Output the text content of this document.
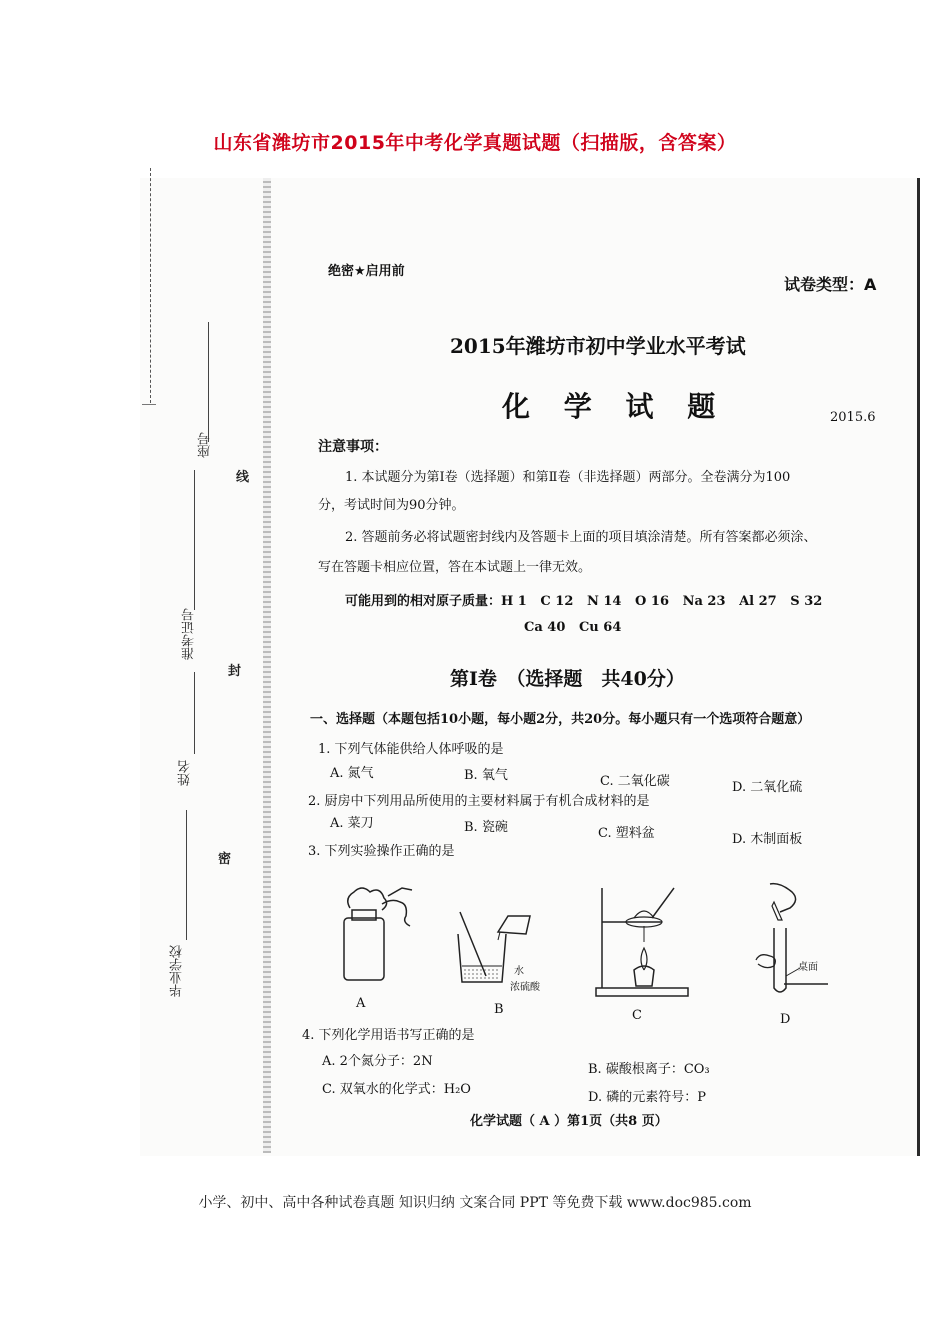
山东省潍坊市2015年中考化学真题试题（扫描版，含答案）
座号
准考证号
姓名
毕业学校
线
封
密
绝密★启用前
试卷类型：A
2015年潍坊市初中学业水平考试
化 学 试 题	2015.6
注意事项：
1. 本试题分为第Ⅰ卷（选择题）和第Ⅱ卷（非选择题）两部分。全卷满分为100
分，考试时间为90分钟。
2. 答题前务必将试题密封线内及答题卡上面的项目填涂清楚。所有答案都必须涂、
写在答题卡相应位置，答在本试题上一律无效。
可能用到的相对原子质量：H 1   C 12   N 14   O 16   Na 23   Al 27   S 32
Ca 40   Cu 64
第Ⅰ卷　（选择题　共40分）
一、选择题（本题包括10小题，每小题2分，共20分。每小题只有一个选项符合题意）
1. 下列气体能供给人体呼吸的是
A. 氮气	B. 氧气	C. 二氧化碳	D. 二氧化硫
2. 厨房中下列用品所使用的主要材料属于有机合成材料的是
A. 菜刀	B. 瓷碗	C. 塑料盆	D. 木制面板
3. 下列实验操作正确的是
A
水
浓硫酸
B	C
桌面
D
4. 下列化学用语书写正确的是
A. 2个氮分子：2N
B. 碳酸根离子：CO₃
C. 双氧水的化学式：H₂O
D. 磷的元素符号：P
化学试题（ A ）第1页（共8 页）
小学、初中、高中各种试卷真题 知识归纳 文案合同 PPT 等免费下载 www.doc985.com
